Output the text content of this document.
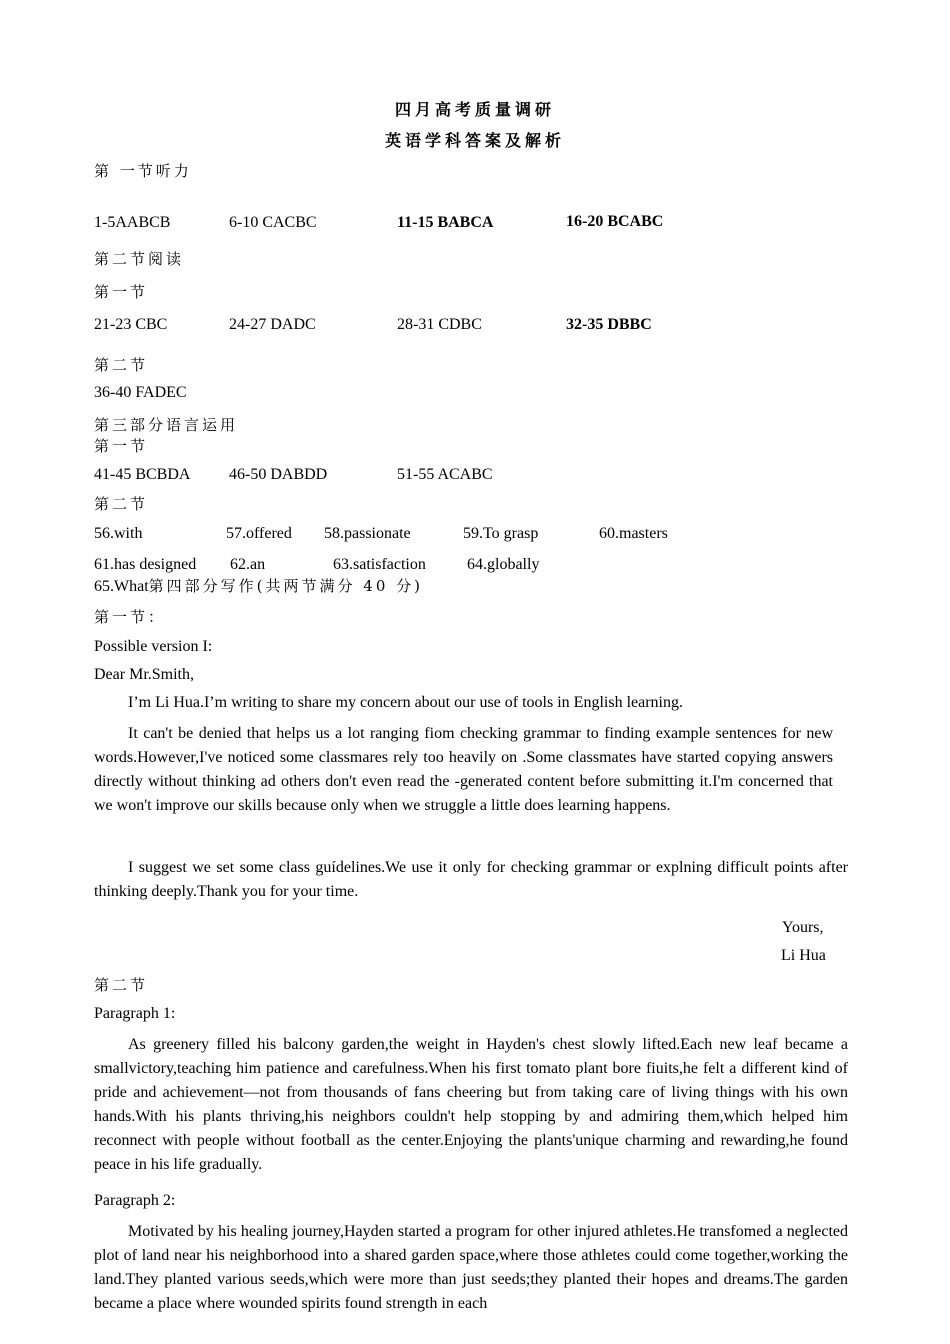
四月高考质量调研
英语学科答案及解析
第 一节听力
1-5AABCB	6-10 CACBC	11-15 BABCA	16-20 BCABC
第二节阅读
第一节
21-23 CBC	24-27 DADC	28-31 CDBC	32-35 DBBC
第二节
36-40 FADEC
第三部分语言运用
第一节
41-45 BCBDA 46-50 DABDD	51-55 ACABC
第二节
56.with	57.offered 58.passionate	59.To grasp	60.masters
61.has designed 62.an	63.satisfaction	64.globally
65.What第四部分写作(共两节满分 40 分)
第一节：
Possible version I:
Dear Mr.Smith,
I’m Li Hua.I’m writing to share my concern about our use of tools in English learning.
It can't be denied that helps us a lot ranging fiom checking grammar to finding example sentences for new words.However,I've noticed some classmares rely too heavily on .Some classmates have started copying answers directly without thinking ad others don't even read the -generated content before submitting it.I'm concerned that we won't improve our skills because only when we struggle a little does learning happens.
I suggest we set some class guídelines.We use it only for checking grammar or explning difficult points after thinking deeply.Thank you for your time.
Yours,
Li Hua
第二节
Paragraph 1:
As greenery filled his balcony garden,the weight in Hayden's chest slowly lifted.Each new leaf became a smallvictory,teaching him patience and carefulness.When his first tomato plant bore fiuits,he felt a different kind of pride and achievement—not from thousands of fans cheering but from taking care of living things with his own hands.With his plants thriving,his neighbors couldn't help stopping by and admiring them,which helped him reconnect with people without football as the center.Enjoying the plants'unique charming and rewarding,he found peace in his life gradually.
Paragraph 2:
Motivated by his healing journey,Hayden started a program for other injured athletes.He transfomed a neglected plot of land near his neighborhood into a shared garden space,where those athletes could come together,working the land.They planted various seeds,which were more than just seeds;they planted their hopes and dreams.The garden became a place where wounded spirits found strength in each
